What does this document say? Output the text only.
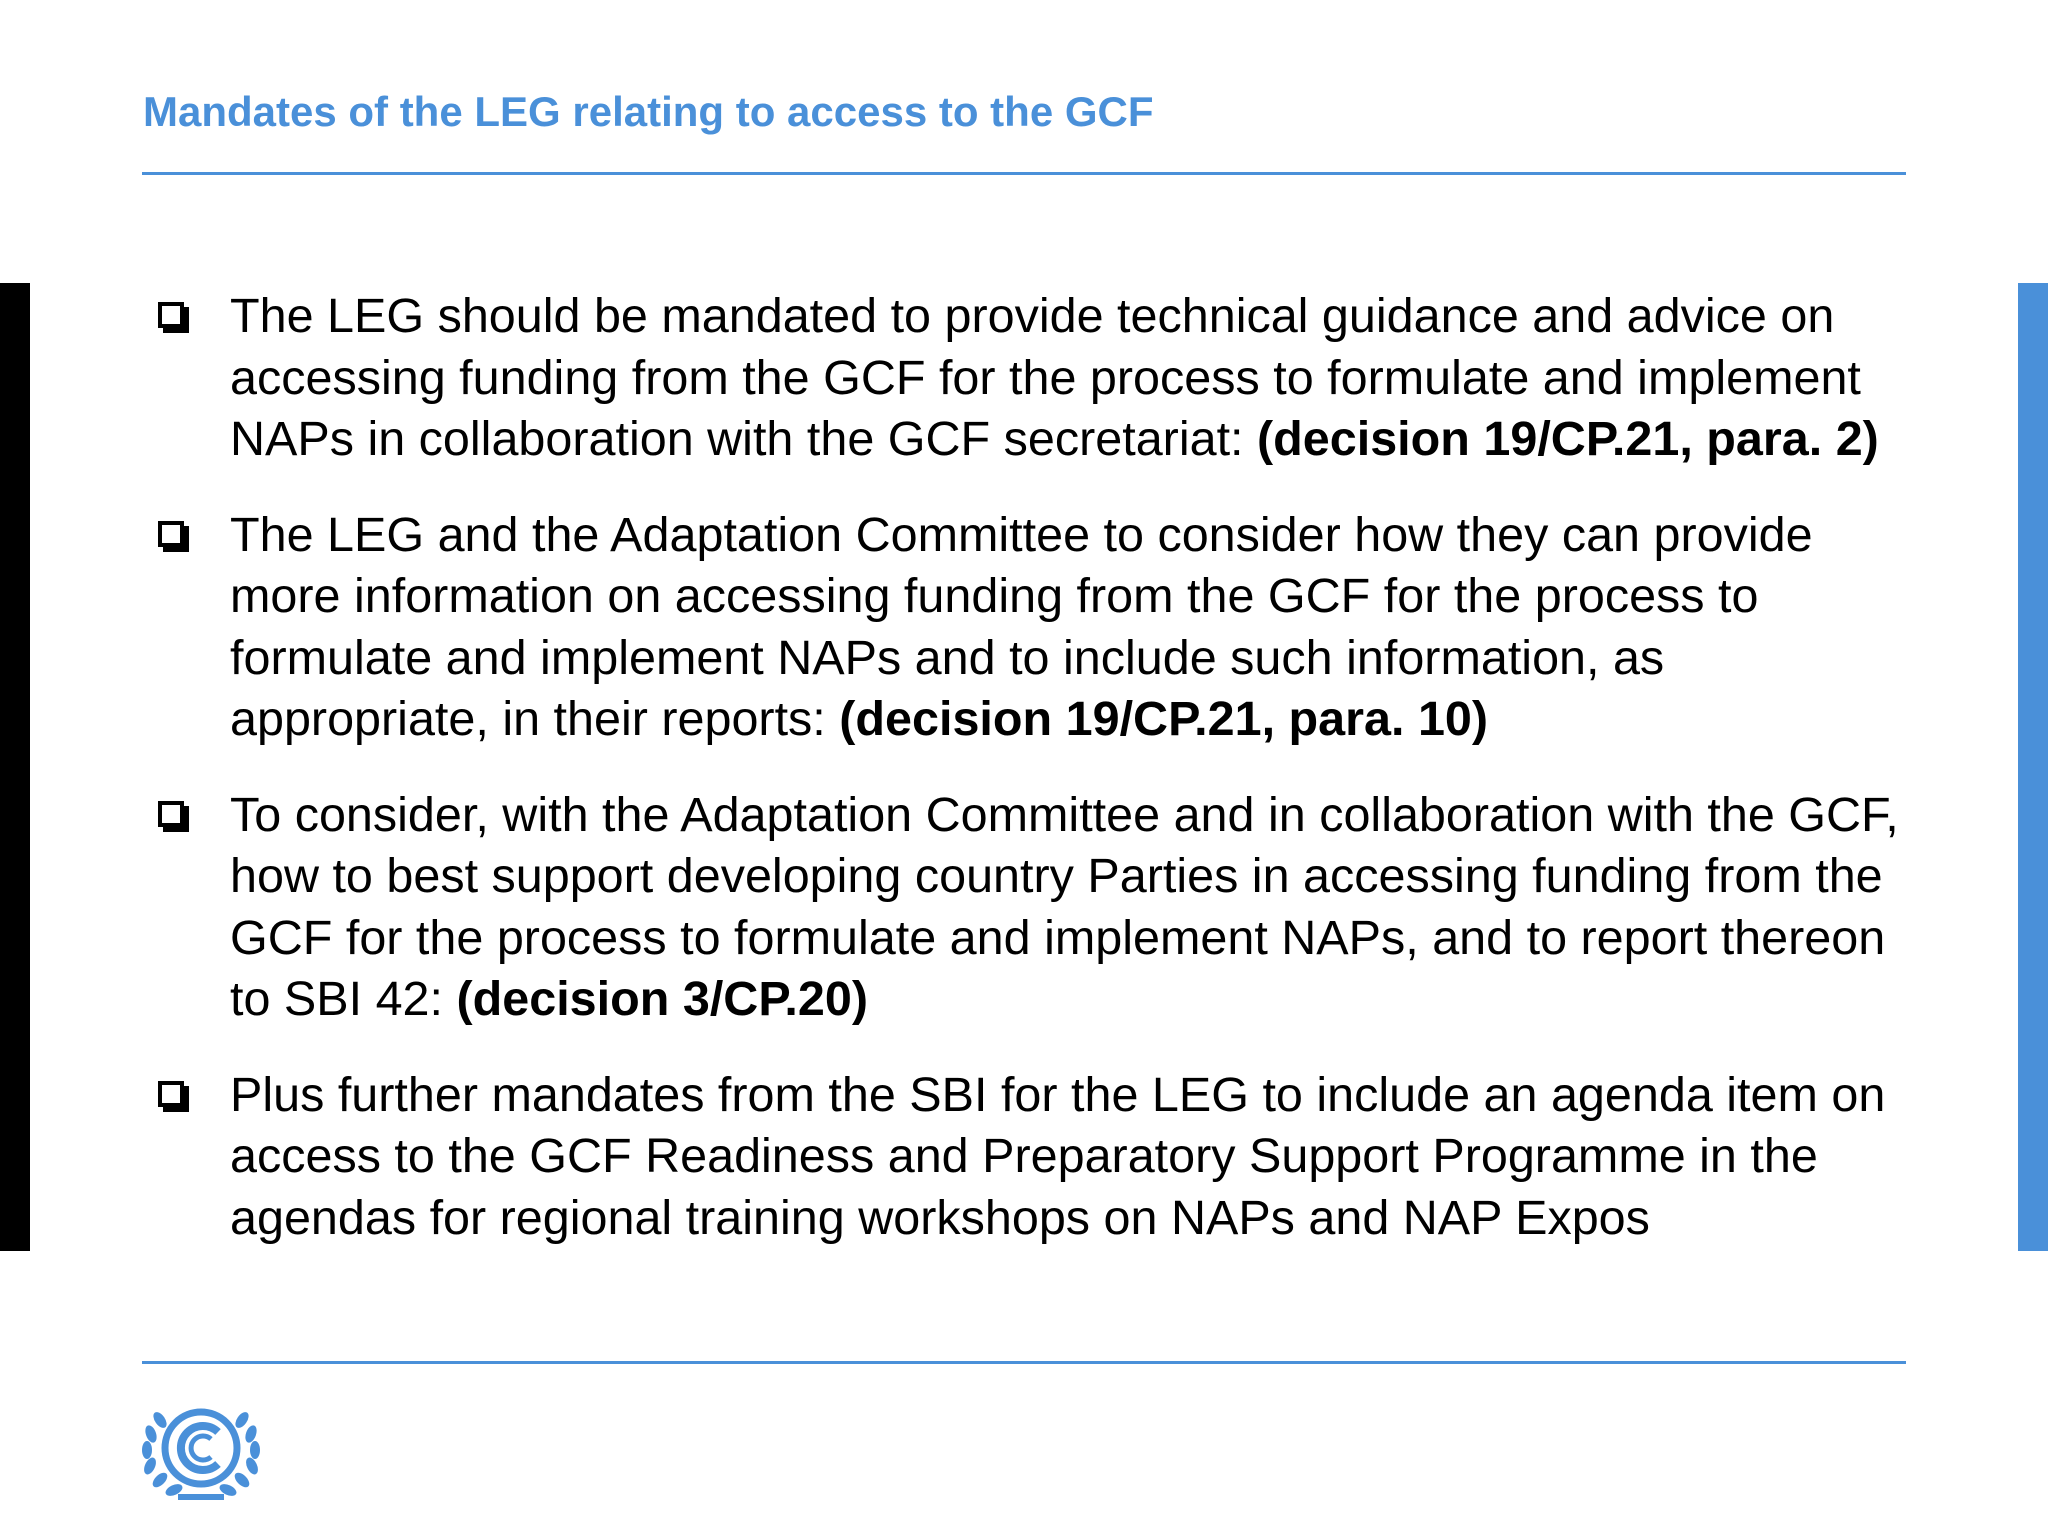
Mandates of the LEG relating to access to the GCF
The LEG should be mandated to provide technical guidance and advice on accessing funding from the GCF for the process to formulate and implement NAPs in collaboration with the GCF secretariat: (decision 19/CP.21, para. 2)
The LEG and the Adaptation Committee to consider how they can provide more information on accessing funding from the GCF for the process to formulate and implement NAPs and to include such information, as appropriate, in their reports: (decision 19/CP.21, para. 10)
To consider, with the Adaptation Committee and in collaboration with the GCF, how to best support developing country Parties in accessing funding from the GCF for the process to formulate and implement NAPs, and to report thereon to SBI 42: (decision 3/CP.20)
Plus further mandates from the SBI for the LEG to include an agenda item on access to the GCF Readiness and Preparatory Support Programme in the agendas for regional training workshops on NAPs and NAP Expos
